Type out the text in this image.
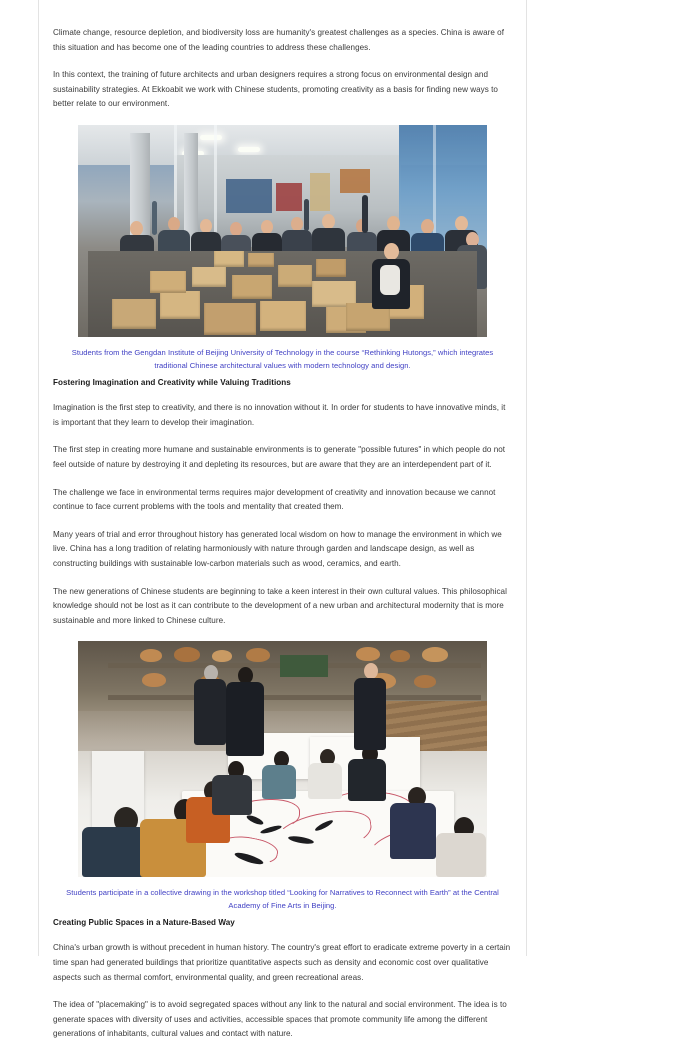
Climate change, resource depletion, and biodiversity loss are humanity's greatest challenges as a species. China is aware of this situation and has become one of the leading countries to address these challenges.

In this context, the training of future architects and urban designers requires a strong focus on environmental design and sustainability strategies. At Ekkoabit we work with Chinese students, promoting creativity as a basis for finding new ways to better relate to our environment.

Students from the Gengdan Institute of Beijing University of Technology in the course “Rethinking Hutongs,” which integrates traditional Chinese architectural values with modern technology and design.
Fostering Imagination and Creativity while Valuing Traditions

Imagination is the first step to creativity, and there is no innovation without it. In order for students to have innovative minds, it is important that they learn to develop their imagination.

The first step in creating more humane and sustainable environments is to generate "possible futures" in which people do not feel outside of nature by destroying it and depleting its resources, but are aware that they are an interdependent part of it.

The challenge we face in environmental terms requires major development of creativity and innovation because we cannot continue to face current problems with the tools and mentality that created them.

Many years of trial and error throughout history has generated local wisdom on how to manage the environment in which we live. China has a long tradition of relating harmoniously with nature through garden and landscape design, as well as constructing buildings with sustainable low-carbon materials such as wood, ceramics, and earth.

The new generations of Chinese students are beginning to take a keen interest in their own cultural values. This philosophical knowledge should not be lost as it can contribute to the development of a new urban and architectural modernity that is more sustainable and more linked to Chinese culture.

Students participate in a collective drawing in the workshop titled “Looking for Narratives to Reconnect with Earth” at the Central Academy of Fine Arts in Beijing.
Creating Public Spaces in a Nature-Based Way

China's urban growth is without precedent in human history. The country's great effort to eradicate extreme poverty in a certain time span had generated buildings that prioritize quantitative aspects such as density and economic cost over qualitative aspects such as thermal comfort, environmental quality, and green recreational areas.

The idea of "placemaking" is to avoid segregated spaces without any link to the natural and social environment. The idea is to generate spaces with diversity of uses and activities, accessible spaces that promote community life among the different generations of inhabitants, cultural values and contact with nature.
